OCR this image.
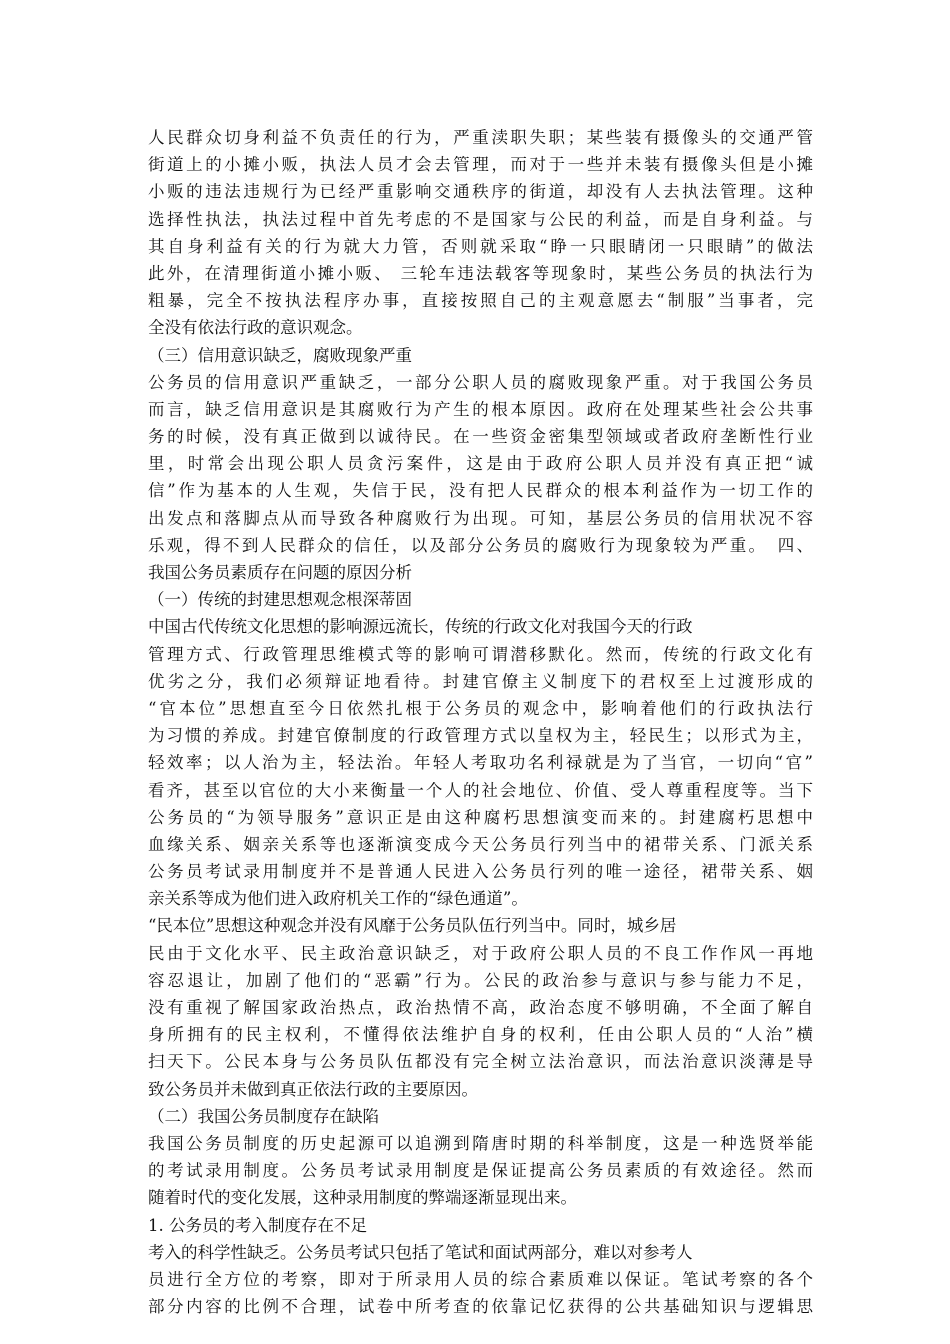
人民群众切身利益不负责任的行为，严重渎职失职；某些装有摄像头的交通严管
街道上的小摊小贩，执法人员才会去管理，而对于一些并未装有摄像头但是小摊
小贩的违法违规行为已经严重影响交通秩序的街道，却没有人去执法管理。这种
选择性执法，执法过程中首先考虑的不是国家与公民的利益，而是自身利益。与
其自身利益有关的行为就大力管，否则就采取“睁一只眼睛闭一只眼睛”的做法
此外，在清理街道小摊小贩、 三轮车违法载客等现象时，某些公务员的执法行为
粗暴，完全不按执法程序办事，直接按照自己的主观意愿去“制服”当事者，完
全没有依法行政的意识观念。
（三）信用意识缺乏，腐败现象严重
公务员的信用意识严重缺乏，一部分公职人员的腐败现象严重。对于我国公务员
而言，缺乏信用意识是其腐败行为产生的根本原因。政府在处理某些社会公共事
务的时候，没有真正做到以诚待民。在一些资金密集型领域或者政府垄断性行业
里，时常会出现公职人员贪污案件，这是由于政府公职人员并没有真正把“诚
信”作为基本的人生观，失信于民，没有把人民群众的根本利益作为一切工作的
出发点和落脚点从而导致各种腐败行为出现。可知，基层公务员的信用状况不容
乐观，得不到人民群众的信任，以及部分公务员的腐败行为现象较为严重。　四、
我国公务员素质存在问题的原因分析
（一）传统的封建思想观念根深蒂固
中国古代传统文化思想的影响源远流长，传统的行政文化对我国今天的行政
管理方式、行政管理思维模式等的影响可谓潜移默化。然而，传统的行政文化有
优劣之分，我们必须辩证地看待。封建官僚主义制度下的君权至上过渡形成的
“官本位”思想直至今日依然扎根于公务员的观念中，影响着他们的行政执法行
为习惯的养成。封建官僚制度的行政管理方式以皇权为主，轻民生；以形式为主，
轻效率；以人治为主，轻法治。年轻人考取功名利禄就是为了当官，一切向“官”
看齐，甚至以官位的大小来衡量一个人的社会地位、价值、受人尊重程度等。当下
公务员的“为领导服务”意识正是由这种腐朽思想演变而来的。封建腐朽思想中
血缘关系、姻亲关系等也逐渐演变成今天公务员行列当中的裙带关系、门派关系
公务员考试录用制度并不是普通人民进入公务员行列的唯一途径，裙带关系、姻
亲关系等成为他们进入政府机关工作的“绿色通道”。
“民本位”思想这种观念并没有风靡于公务员队伍行列当中。同时，城乡居
民由于文化水平、民主政治意识缺乏，对于政府公职人员的不良工作作风一再地
容忍退让，加剧了他们的“恶霸”行为。公民的政治参与意识与参与能力不足，
没有重视了解国家政治热点，政治热情不高，政治态度不够明确，不全面了解自
身所拥有的民主权利，不懂得依法维护自身的权利，任由公职人员的“人治”横
扫天下。公民本身与公务员队伍都没有完全树立法治意识，而法治意识淡薄是导
致公务员并未做到真正依法行政的主要原因。
（二）我国公务员制度存在缺陷
我国公务员制度的历史起源可以追溯到隋唐时期的科举制度，这是一种选贤举能
的考试录用制度。公务员考试录用制度是保证提高公务员素质的有效途径。然而
随着时代的变化发展，这种录用制度的弊端逐渐显现出来。
1. 公务员的考入制度存在不足
考入的科学性缺乏。公务员考试只包括了笔试和面试两部分，难以对参考人
员进行全方位的考察，即对于所录用人员的综合素质难以保证。笔试考察的各个
部分内容的比例不合理，试卷中所考查的依靠记忆获得的公共基础知识与逻辑思
